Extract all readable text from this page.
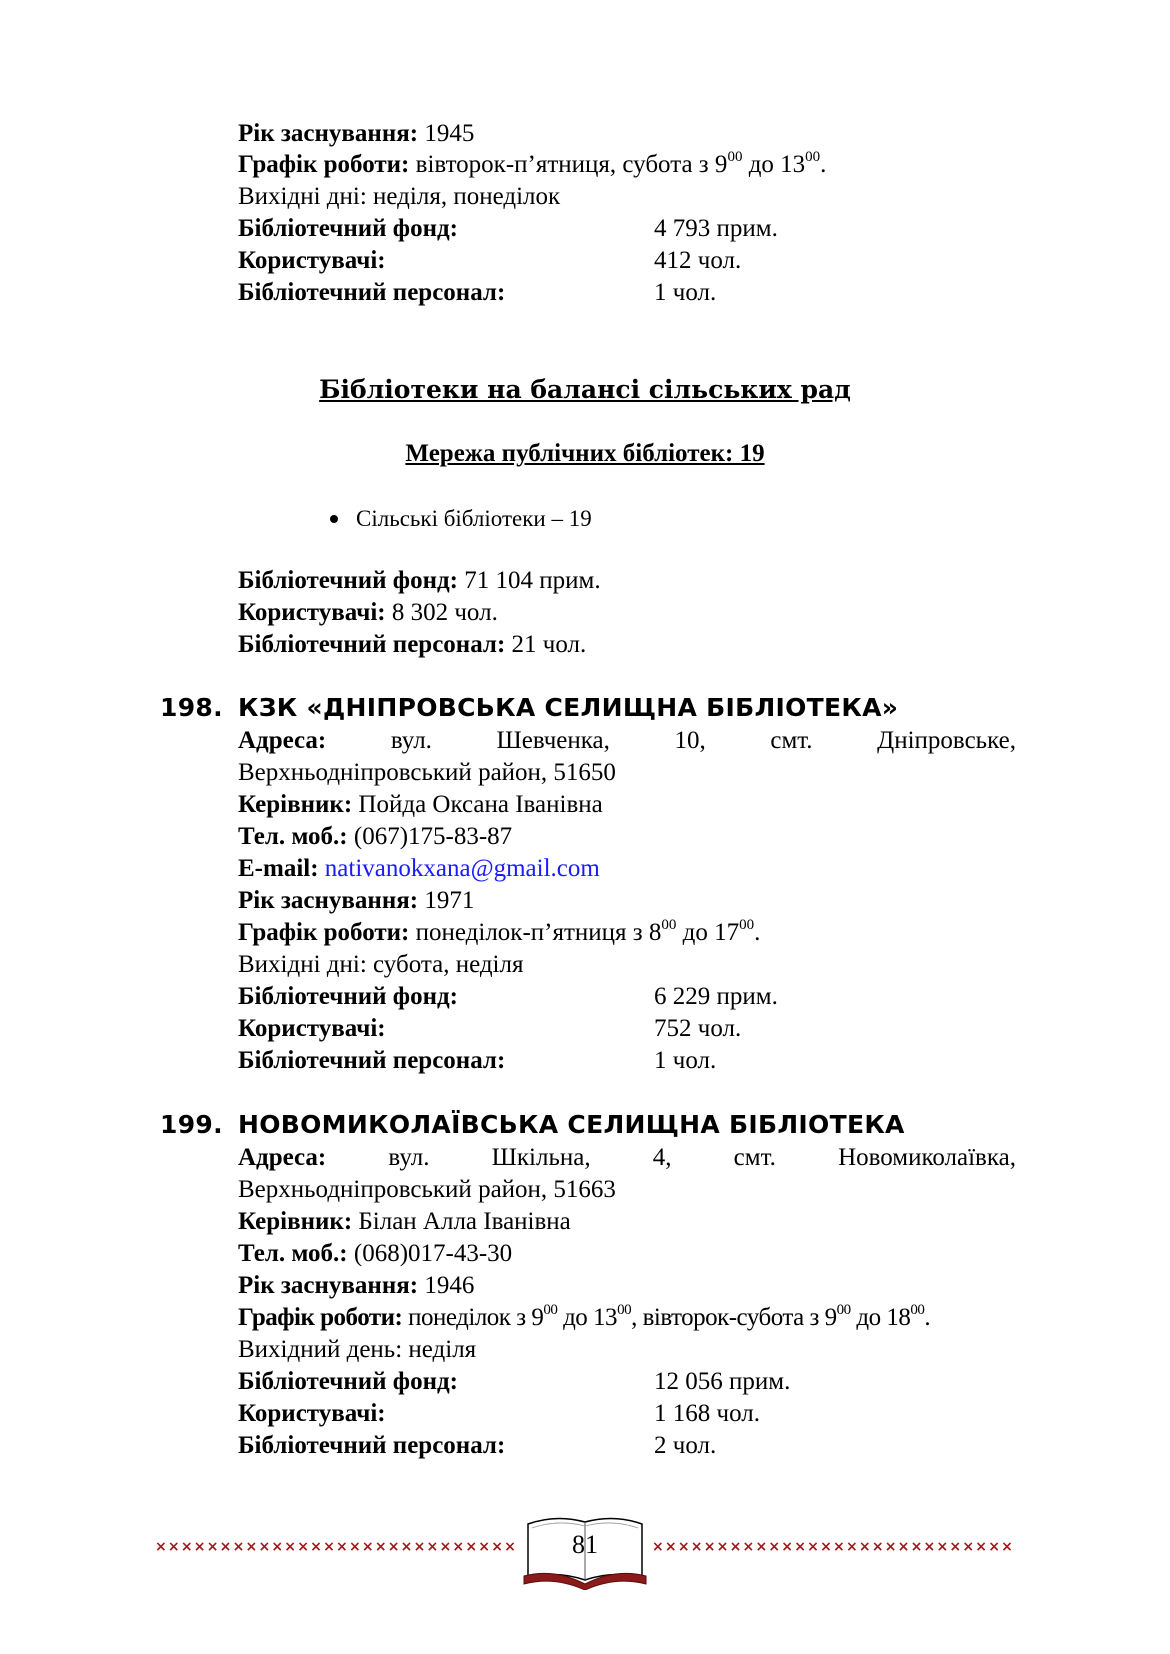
Рік заснування: 1945
Графік роботи: вівторок-п’ятниця, субота з $9^{00}$ до $13^{00}$.
Вихідні дні: неділя, понеділок
Бібліотечний фонд:	4 793 прим.
Користувачі:	412 чол.
Бібліотечний персонал:	1 чол.
Бібліотеки на балансі сільських рад
Мережа публічних бібліотек: 19
Сільські бібліотеки – 19
Бібліотечний фонд: 71 104 прим.
Користувачі: 8 302 чол.
Бібліотечний персонал: 21 чол.
198. КЗК «ДНІПРОВСЬКА СЕЛИЩНА БІБЛІОТЕКА»
Адреса:	вул.	Шевченка,	10,	смт.	Дніпровське,
Верхньодніпровський район, 51650
Керівник: Пойда Оксана Іванівна
Тел. моб.: (067)175-83-87
E-mail: nativanokxana@gmail.com
Рік заснування: 1971
Графік роботи: понеділок-п’ятниця з $8^{00}$ до $17^{00}$.
Вихідні дні: субота, неділя
Бібліотечний фонд:	6 229 прим.
Користувачі:	752 чол.
Бібліотечний персонал:	1 чол.
199. НОВОМИКОЛАЇВСЬКА СЕЛИЩНА БІБЛІОТЕКА
Адреса: вул. Шкільна, 4, смт. Новомиколаївка,
Верхньодніпровський район, 51663
Керівник: Білан Алла Іванівна
Тел. моб.: (068)017-43-30
Рік заснування: 1946
Графік роботи: понеділок з $9^{00}$ до $13^{00}$, вівторок-субота з $9^{00}$ до $18^{00}$.
Вихідний день: неділя
Бібліотечний фонд:	12 056 прим.
Користувачі:	1 168 чол.
Бібліотечний персонал:	2 чол.
××××××××××××××××××××××××××××	××××××××××××××××××××××××××××
81
